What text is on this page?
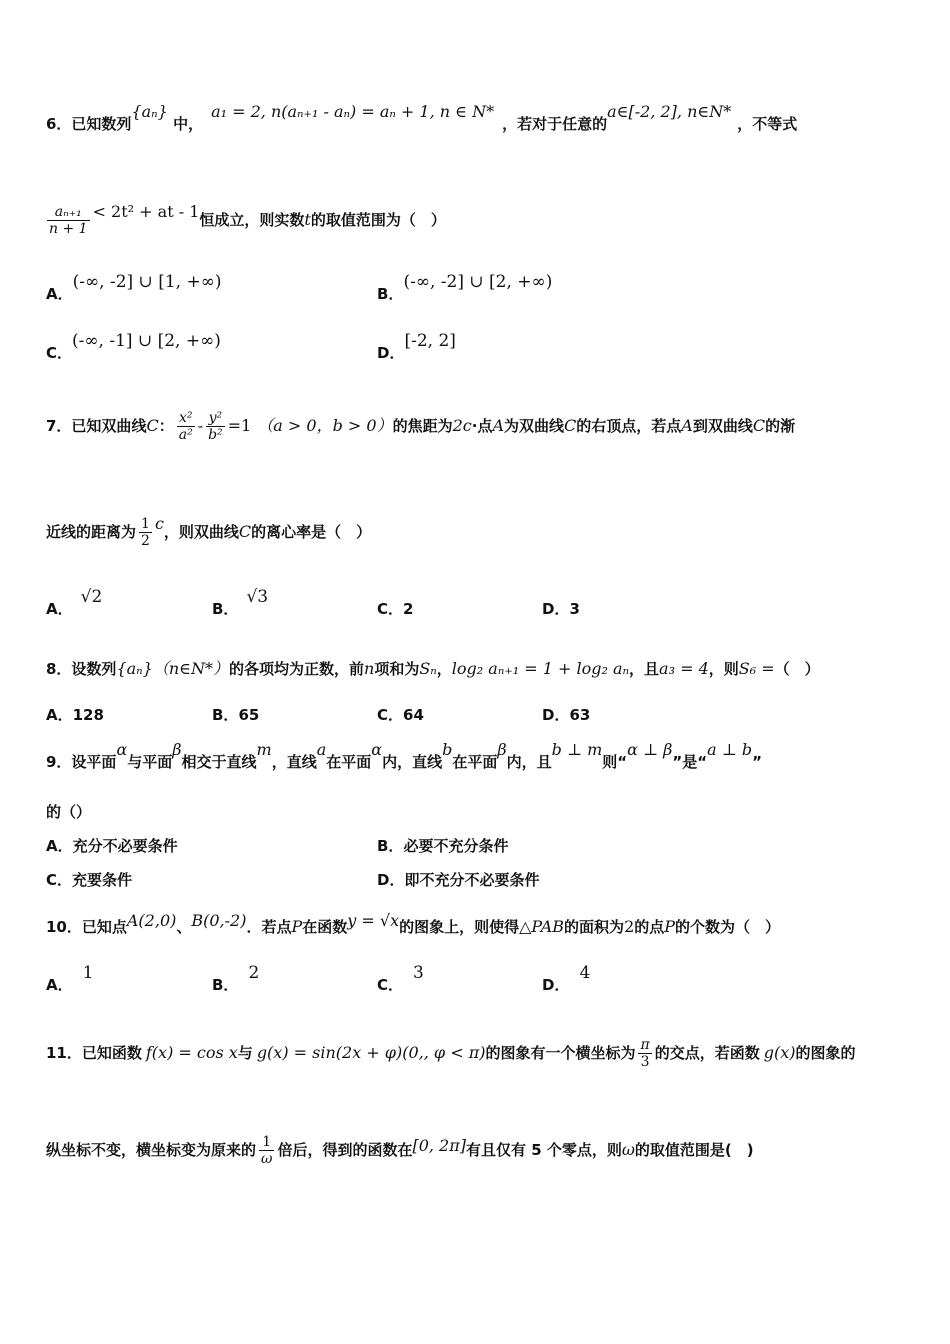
6．已知数列{aₙ} 中，a₁ = 2, n(aₙ₊₁ - aₙ) = aₙ + 1, n ∈ N*，若对于任意的a∈[-2, 2], n∈N*，不等式
$\frac{\text{aₙ₊₁}}{n + 1} < 2t^2$ + at - 1恒成立，则实数t的取值范围为（　）
A．(-∞, -2] ∪ [1, +∞)
B．(-∞, -2] ∪ [2, +∞)
C．(-∞, -1] ∪ [2, +∞)
D．[-2, 2]
7．已知双曲线C： $\frac{\text{x²}}{\text{a²}} - \frac{\text{y²}}{\text{b²}} =1$ （a > 0，b > 0）的焦距为2c·点A为双曲线C的右顶点，若点A到双曲线C的渐
近线的距离为 $\frac{1}{2}$ c，则双曲线C的离心率是（　）
A．√2
B．√3
C．2	D．3
8．设数列{aₙ}（n∈N*）的各项均为正数，前n项和为Sₙ，log₂ aₙ₊₁ = 1 + log₂ aₙ，且a₃ = 4，则S₆ =（　）
A．128	B．65	C．64	D．63
9．设平面α与平面β相交于直线m，直线a在平面α内，直线b在平面β内，且b ⊥ m则“α ⊥ β”是“a ⊥ b”
的（）
A．充分不必要条件	B．必要不充分条件
C．充要条件	D．即不充分不必要条件
10．已知点A(2,0)、B(0,-2)．若点P在函数y = √x的图象上，则使得△PAB的面积为2的点P的个数为（　）
A．1
B．2
C．3
D．4
11．已知函数 f(x) = cos x与 g(x) = sin(2x + φ)(0,, φ < π)的图象有一个横坐标为 $\frac{\pi}{3}$ 的交点，若函数 g(x)的图象的
纵坐标不变，横坐标变为原来的 $\frac{1}{\omega}$ 倍后，得到的函数在[0, 2π]有且仅有 5 个零点，则ω的取值范围是(　)
